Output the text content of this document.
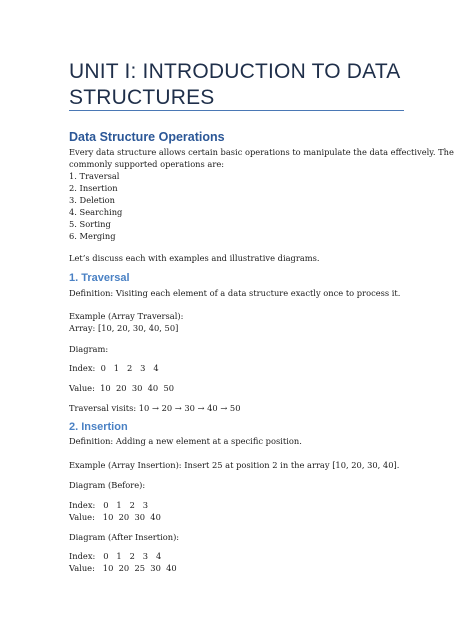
UNIT I: INTRODUCTION TO DATA
STRUCTURES
Data Structure Operations
Every data structure allows certain basic operations to manipulate the data effectively. The
commonly supported operations are:
1. Traversal
2. Insertion
3. Deletion
4. Searching
5. Sorting
6. Merging
Let’s discuss each with examples and illustrative diagrams.
1. Traversal
Definition: Visiting each element of a data structure exactly once to process it.
Example (Array Traversal):
Array: [10, 20, 30, 40, 50]
Diagram:
Index:  0   1   2   3   4
Value:  10  20  30  40  50
Traversal visits: 10 → 20 → 30 → 40 → 50
2. Insertion
Definition: Adding a new element at a specific position.
Example (Array Insertion): Insert 25 at position 2 in the array [10, 20, 30, 40].
Diagram (Before):
Index:   0   1   2   3
Value:   10  20  30  40
Diagram (After Insertion):
Index:   0   1   2   3   4
Value:   10  20  25  30  40
